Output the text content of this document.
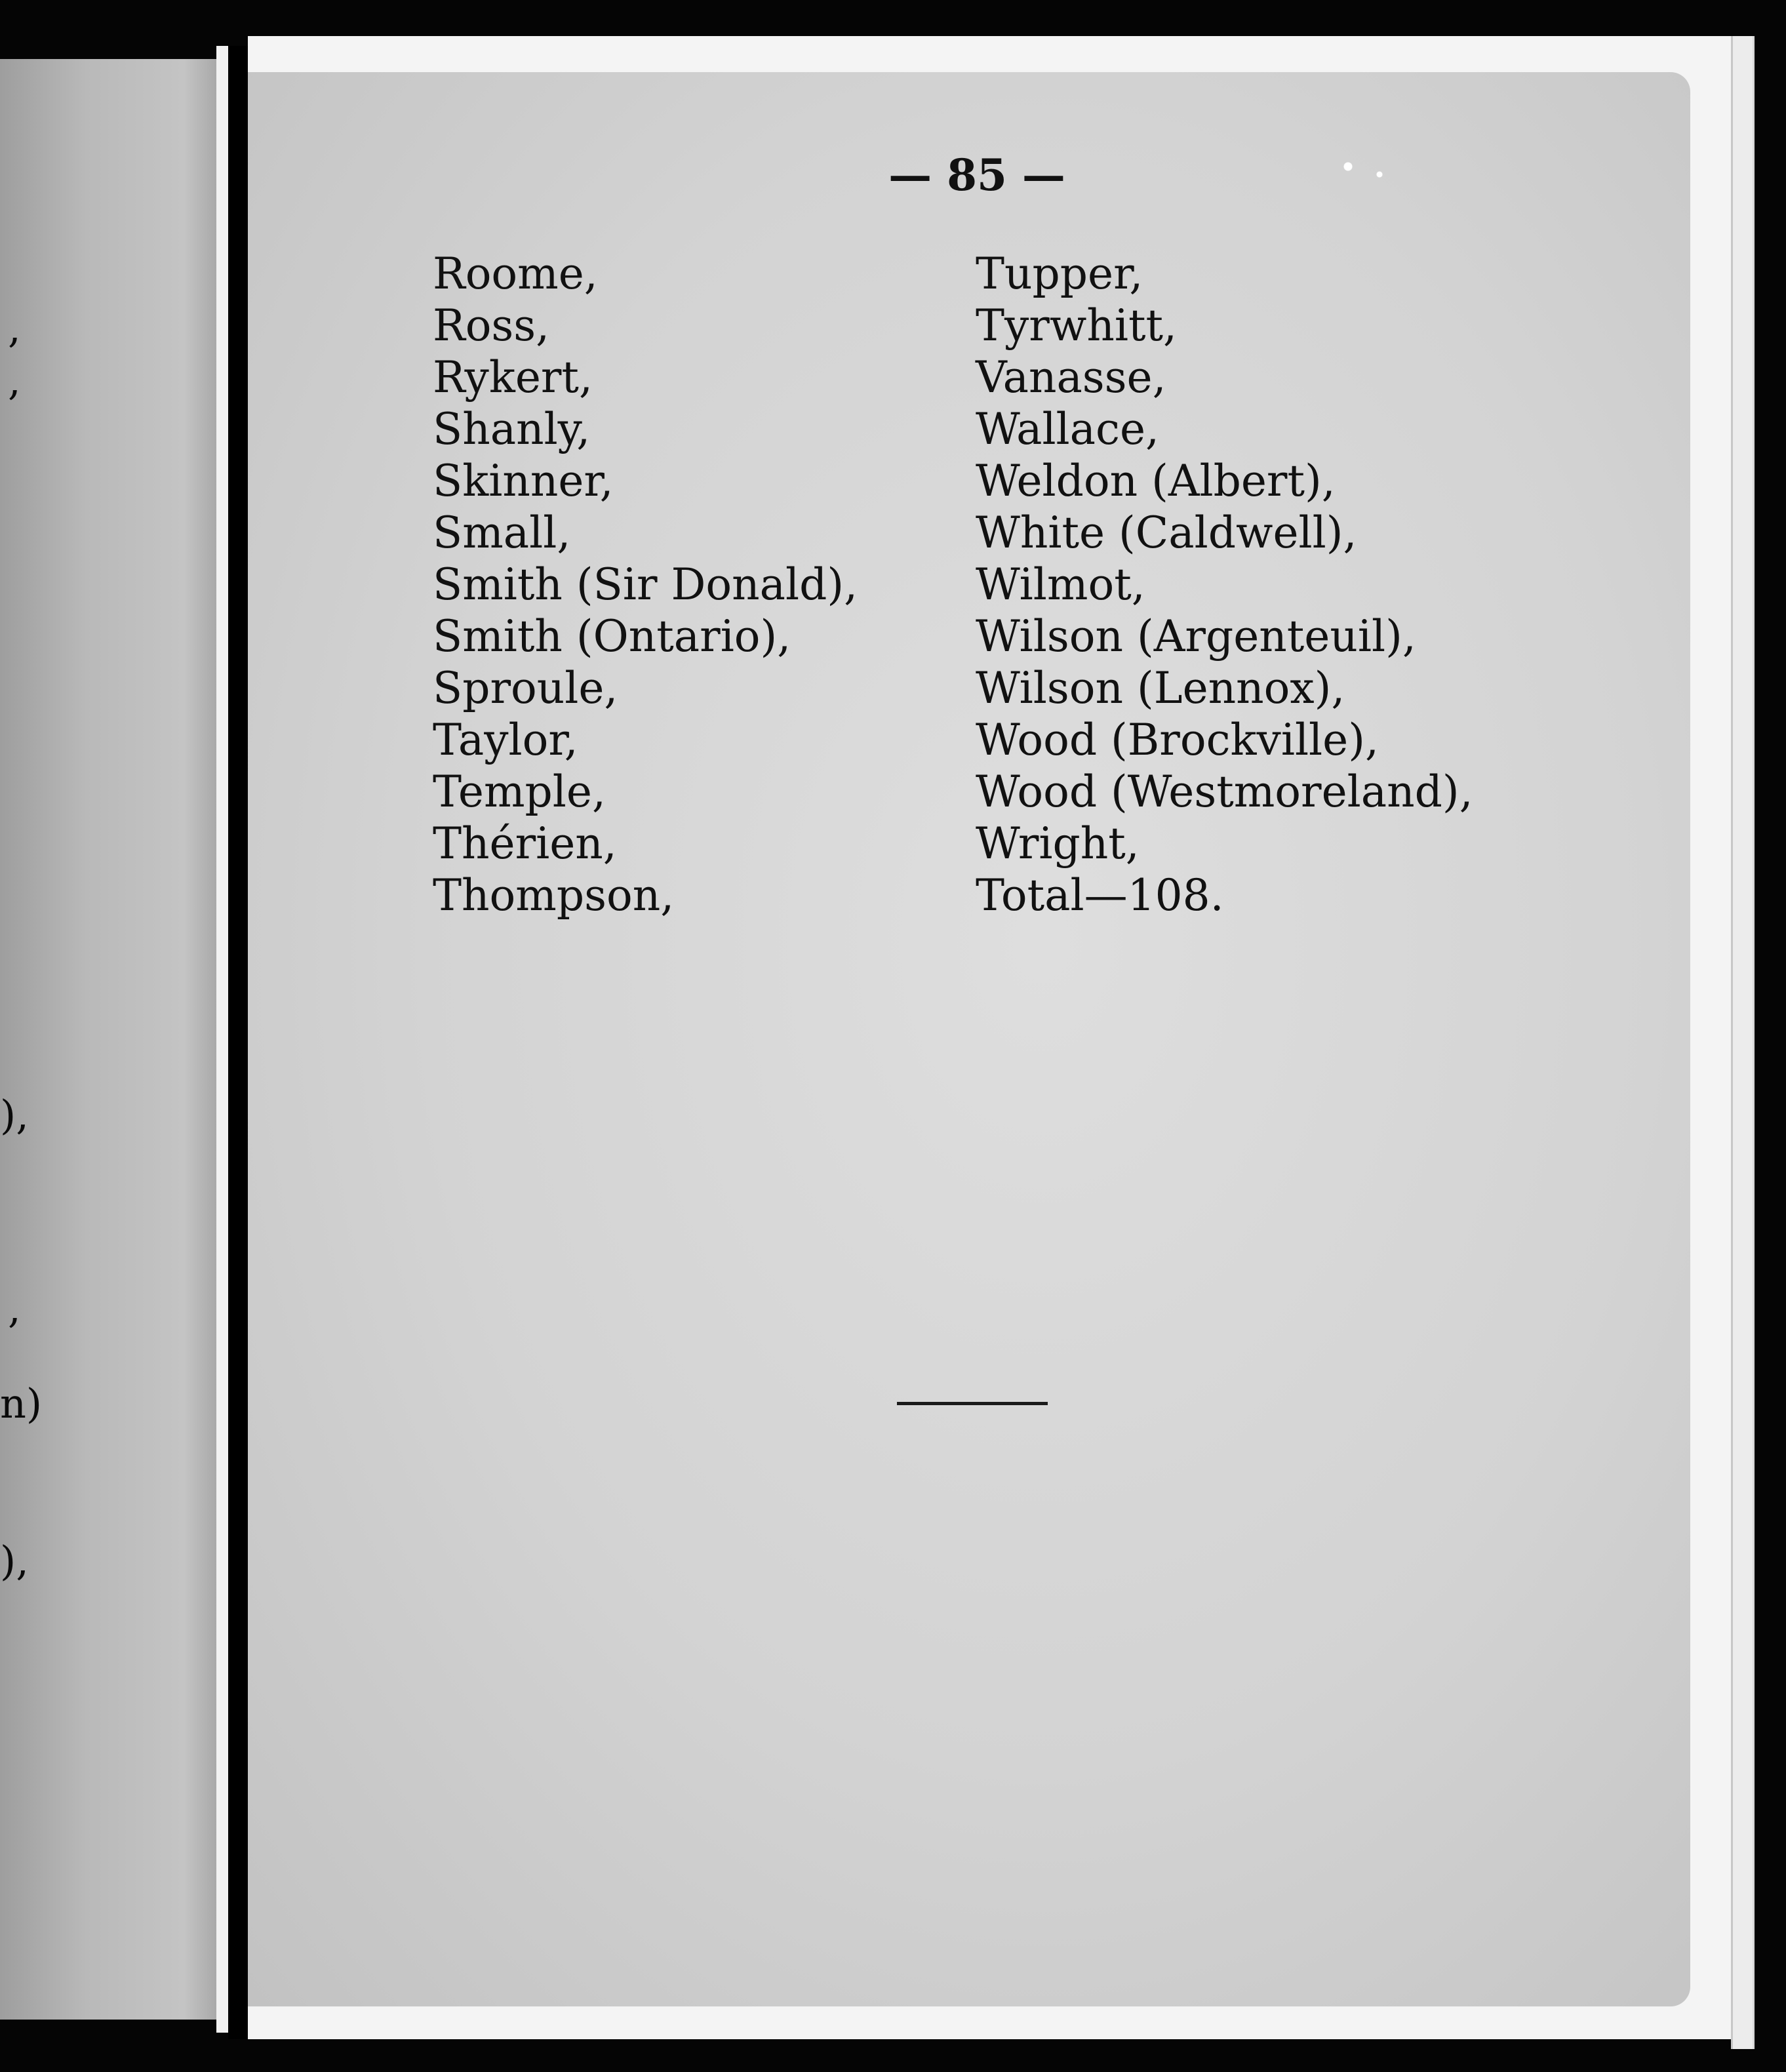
,
,
),
,
n)
),
— 85 —
Roome,
Ross,
Rykert,
Shanly,
Skinner,
Small,
Smith (Sir Donald),
Smith (Ontario),
Sproule,
Taylor,
Temple,
Thérien,
Thompson,
Tupper,
Tyrwhitt,
Vanasse,
Wallace,
Weldon (Albert),
White (Caldwell),
Wilmot,
Wilson (Argenteuil),
Wilson (Lennox),
Wood (Brockville),
Wood (Westmoreland),
Wright,
Total—108.
